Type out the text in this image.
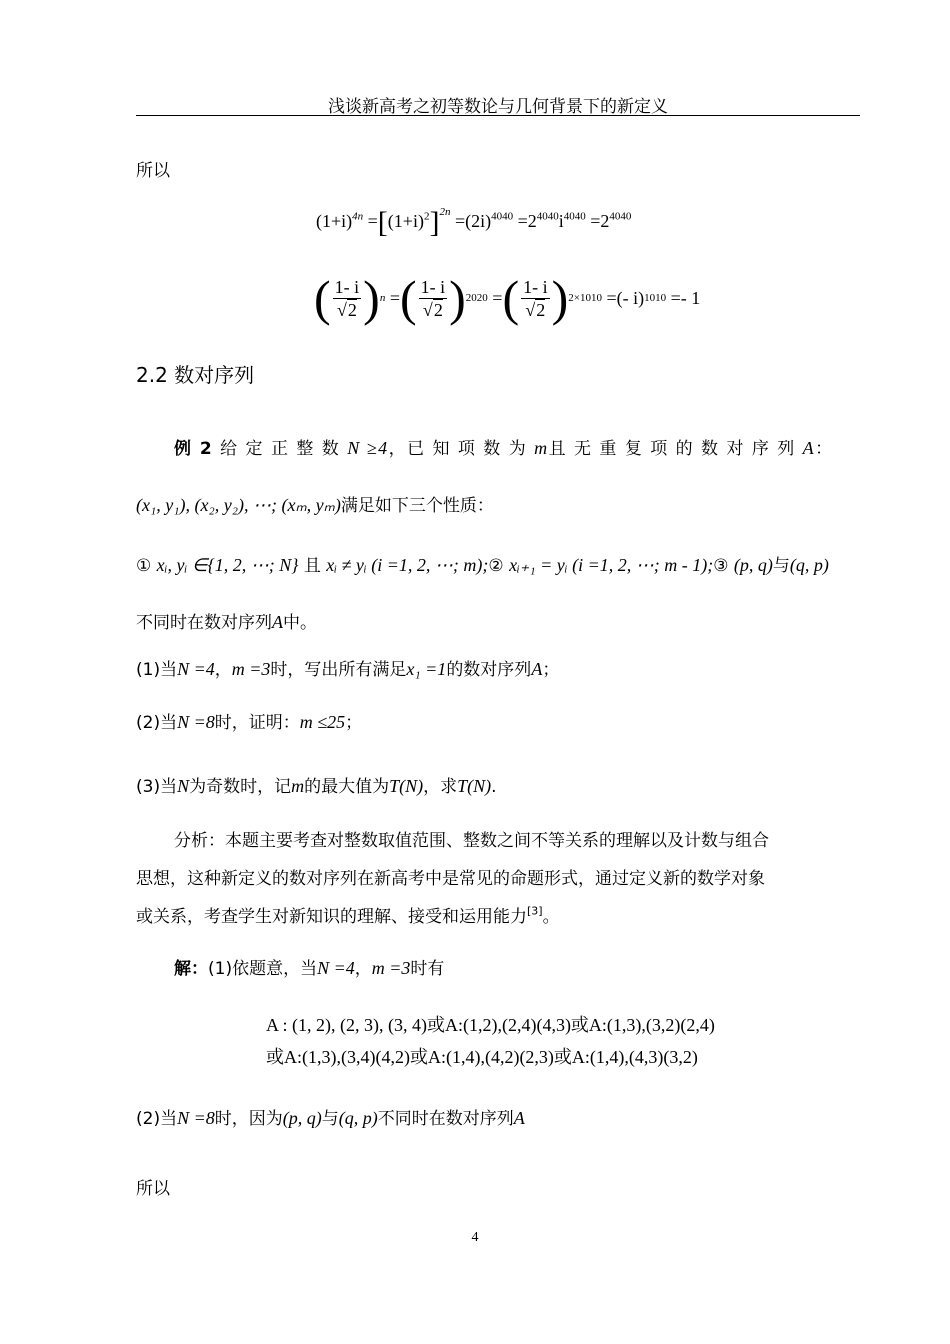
浅谈新高考之初等数论与几何背景下的新定义
所以
$(1+i)^{4n} =[(1+i)^2]^{2n} =(2i)^{4040} =2^{4040}i^{4040} =2^{4040}$
( $\frac{1- i}{√2}$ ) n = ( $\frac{1- i}{√2}$ ) 2020 = ( $\frac{1- i}{√2}$ ) 2×1010
=(- i) 1010
=- 1
2.2 数对序列
例 2 给 定 正 整 数 N ≥4，已 知 项 数 为 m且 无 重 复 项 的 数 对 序 列 A：
(x₁, y₁), (x₂, y₂), ⋯; (xₘ, yₘ)满足如下三个性质：
① xᵢ, yᵢ ∈{1, 2, ⋯; N} 且 xᵢ ≠ yᵢ (i =1, 2, ⋯; m);② xᵢ₊₁ = yᵢ (i =1, 2, ⋯; m - 1);③ (p, q)与(q, p)
不同时在数对序列A中。
(1)当N =4，m =3时，写出所有满足x₁ =1的数对序列A；
(2)当N =8时，证明：m ≤25；
(3)当N为奇数时，记m的最大值为T(N)，求T(N).
分析：本题主要考查对整数取值范围、整数之间不等关系的理解以及计数与组合
思想，这种新定义的数对序列在新高考中是常见的命题形式，通过定义新的数学对象
或关系，考查学生对新知识的理解、接受和运用能力[3]。
解：(1)依题意，当N =4，m =3时有
A : (1, 2), (2, 3), (3, 4)或A:(1,2),(2,4)(4,3)或A:(1,3),(3,2)(2,4)
或A:(1,3),(3,4)(4,2)或A:(1,4),(4,2)(2,3)或A:(1,4),(4,3)(3,2)
(2)当N =8时，因为(p, q)与(q, p)不同时在数对序列A
所以
4
